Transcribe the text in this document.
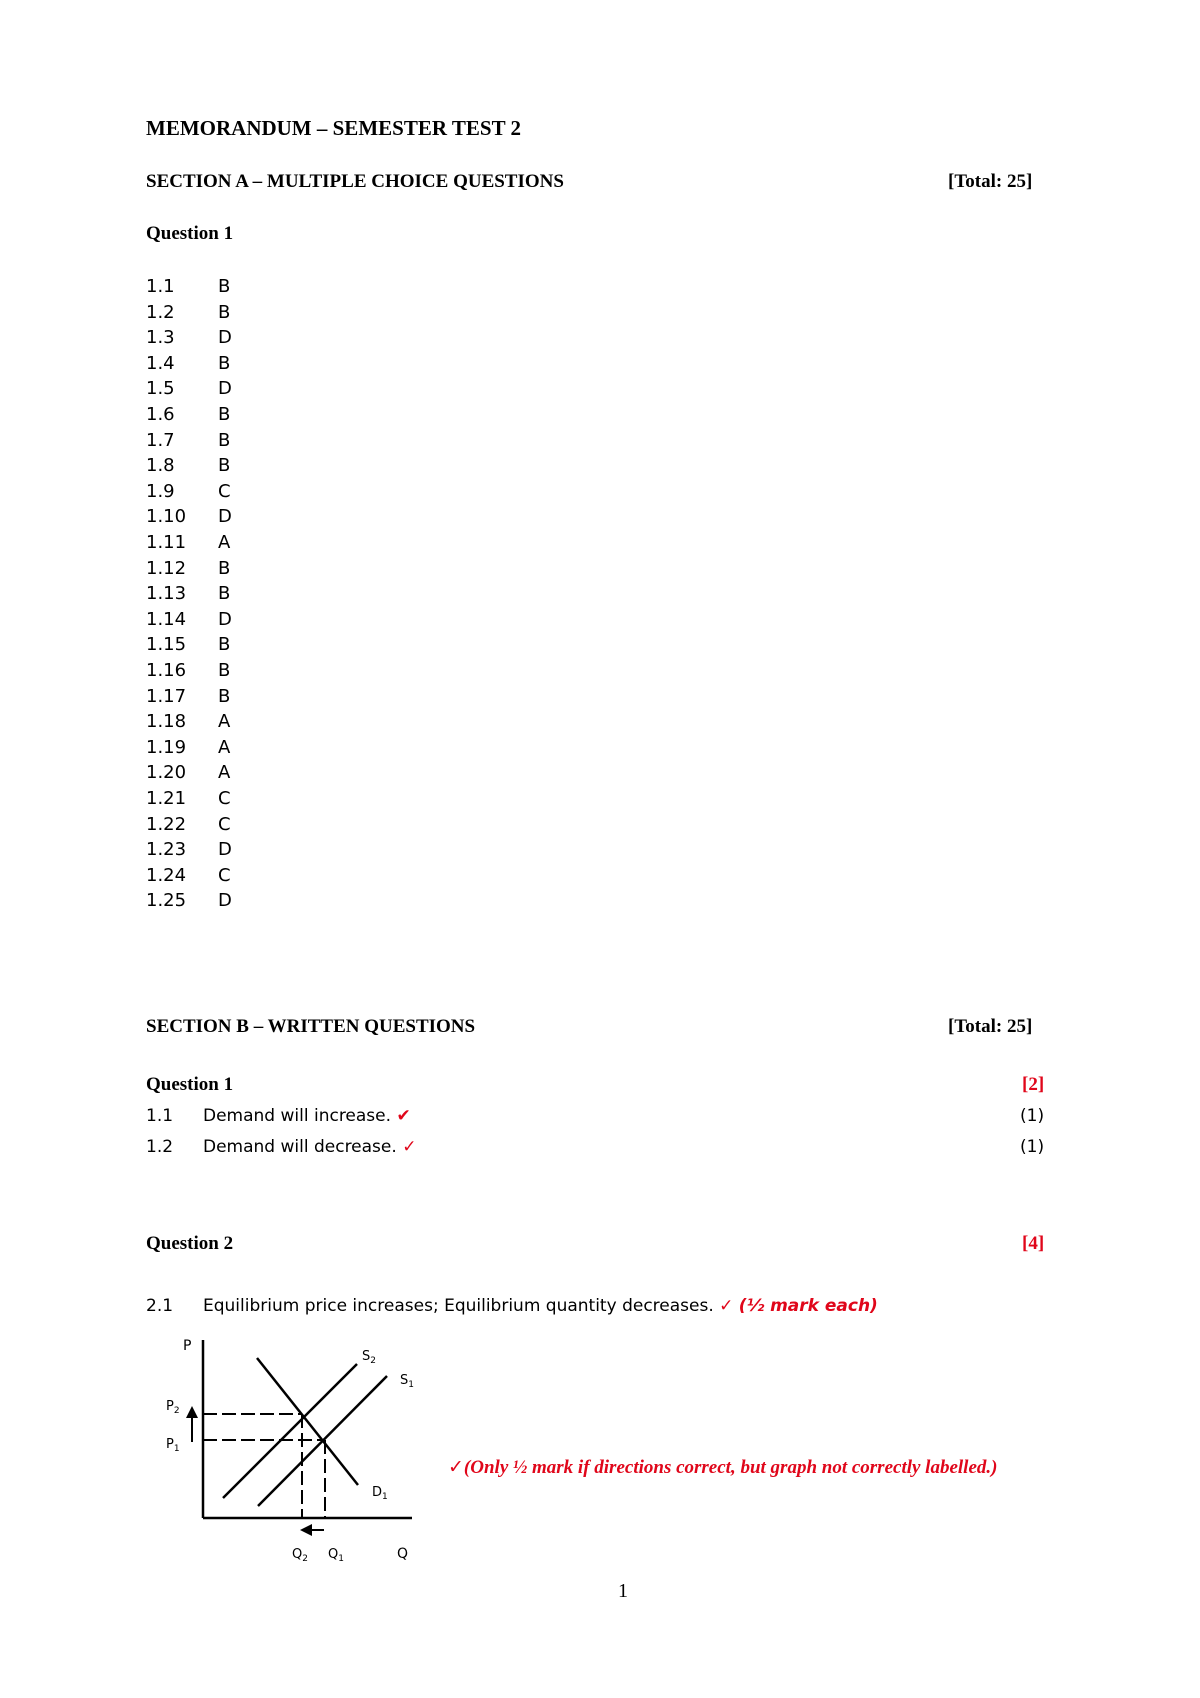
MEMORANDUM – SEMESTER TEST 2
SECTION A – MULTIPLE CHOICE QUESTIONS	[Total: 25]
Question 1
1.1 B
1.2 B
1.3 D
1.4 B
1.5 D
1.6 B
1.7 B
1.8 B
1.9 C
1.10 D
1.11 A
1.12 B
1.13 B
1.14 D
1.15 B
1.16 B
1.17 B
1.18 A
1.19 A
1.20 A
1.21 C
1.22 C
1.23 D
1.24 C
1.25 D
SECTION B – WRITTEN QUESTIONS	[Total: 25]
Question 1	[2]
1.1 Demand will increase. ✔	(1)
1.2 Demand will decrease. ✓	(1)
Question 2	[4]
2.1 Equilibrium price increases; Equilibrium quantity decreases. ✓ (½ mark each)
P
$P_2$
$P_1$
$S_2$
$S_1$
$D_1$
$Q_2$ $Q_1$	Q
✓(Only ½ mark if directions correct, but graph not correctly labelled.)
1
